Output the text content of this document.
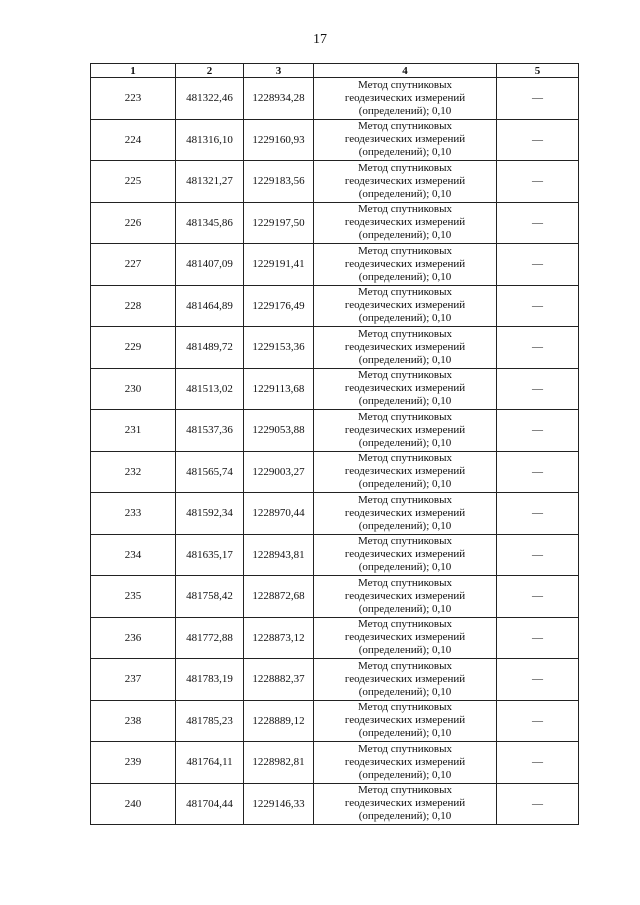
17
1	2	3	4	5
223	481322,46	1228934,28	Метод спутниковых
геодезических измерений
(определений); 0,10	—
224	481316,10	1229160,93	Метод спутниковых
геодезических измерений
(определений); 0,10	—
225	481321,27	1229183,56	Метод спутниковых
геодезических измерений
(определений); 0,10	—
226	481345,86	1229197,50	Метод спутниковых
геодезических измерений
(определений); 0,10	—
227	481407,09	1229191,41	Метод спутниковых
геодезических измерений
(определений); 0,10	—
228	481464,89	1229176,49	Метод спутниковых
геодезических измерений
(определений); 0,10	—
229	481489,72	1229153,36	Метод спутниковых
геодезических измерений
(определений); 0,10	—
230	481513,02	1229113,68	Метод спутниковых
геодезических измерений
(определений); 0,10	—
231	481537,36	1229053,88	Метод спутниковых
геодезических измерений
(определений); 0,10	—
232	481565,74	1229003,27	Метод спутниковых
геодезических измерений
(определений); 0,10	—
233	481592,34	1228970,44	Метод спутниковых
геодезических измерений
(определений); 0,10	—
234	481635,17	1228943,81	Метод спутниковых
геодезических измерений
(определений); 0,10	—
235	481758,42	1228872,68	Метод спутниковых
геодезических измерений
(определений); 0,10	—
236	481772,88	1228873,12	Метод спутниковых
геодезических измерений
(определений); 0,10	—
237	481783,19	1228882,37	Метод спутниковых
геодезических измерений
(определений); 0,10	—
238	481785,23	1228889,12	Метод спутниковых
геодезических измерений
(определений); 0,10	—
239	481764,11	1228982,81	Метод спутниковых
геодезических измерений
(определений); 0,10	—
240	481704,44	1229146,33	Метод спутниковых
геодезических измерений
(определений); 0,10	—
